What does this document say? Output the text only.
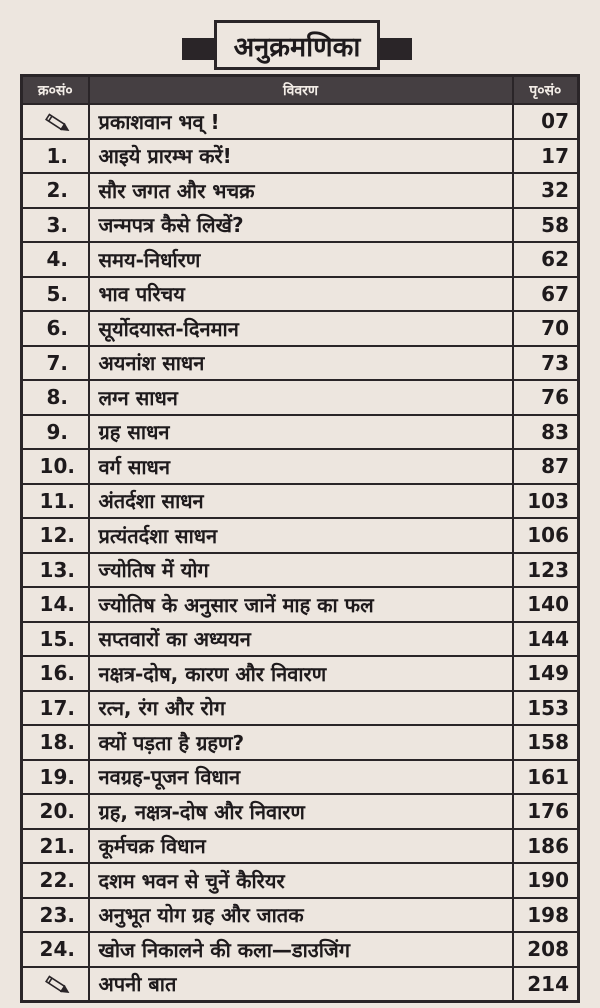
अनुक्रमणिका
क्र०सं०	विवरण	पृ०सं०
	प्रकाशवान भव् !	07
1.	आइये प्रारम्भ करें!	17
2.	सौर जगत और भचक्र	32
3.	जन्मपत्र कैसे लिखें?	58
4.	समय-निर्धारण	62
5.	भाव परिचय	67
6.	सूर्योदयास्त-दिनमान	70
7.	अयनांश साधन	73
8.	लग्न साधन	76
9.	ग्रह साधन	83
10.	वर्ग साधन	87
11.	अंतर्दशा साधन	103
12.	प्रत्यंतर्दशा साधन	106
13.	ज्योतिष में योग	123
14.	ज्योतिष के अनुसार जानें माह का फल	140
15.	सप्तवारों का अध्ययन	144
16.	नक्षत्र-दोष, कारण और निवारण	149
17.	रत्न, रंग और रोग	153
18.	क्यों पड़ता है ग्रहण?	158
19.	नवग्रह-पूजन विधान	161
20.	ग्रह, नक्षत्र-दोष और निवारण	176
21.	कूर्मचक्र विधान	186
22.	दशम भवन से चुनें कैरियर	190
23.	अनुभूत योग ग्रह और जातक	198
24.	खोज निकालने की कला—डाउजिंग	208
	अपनी बात	214
